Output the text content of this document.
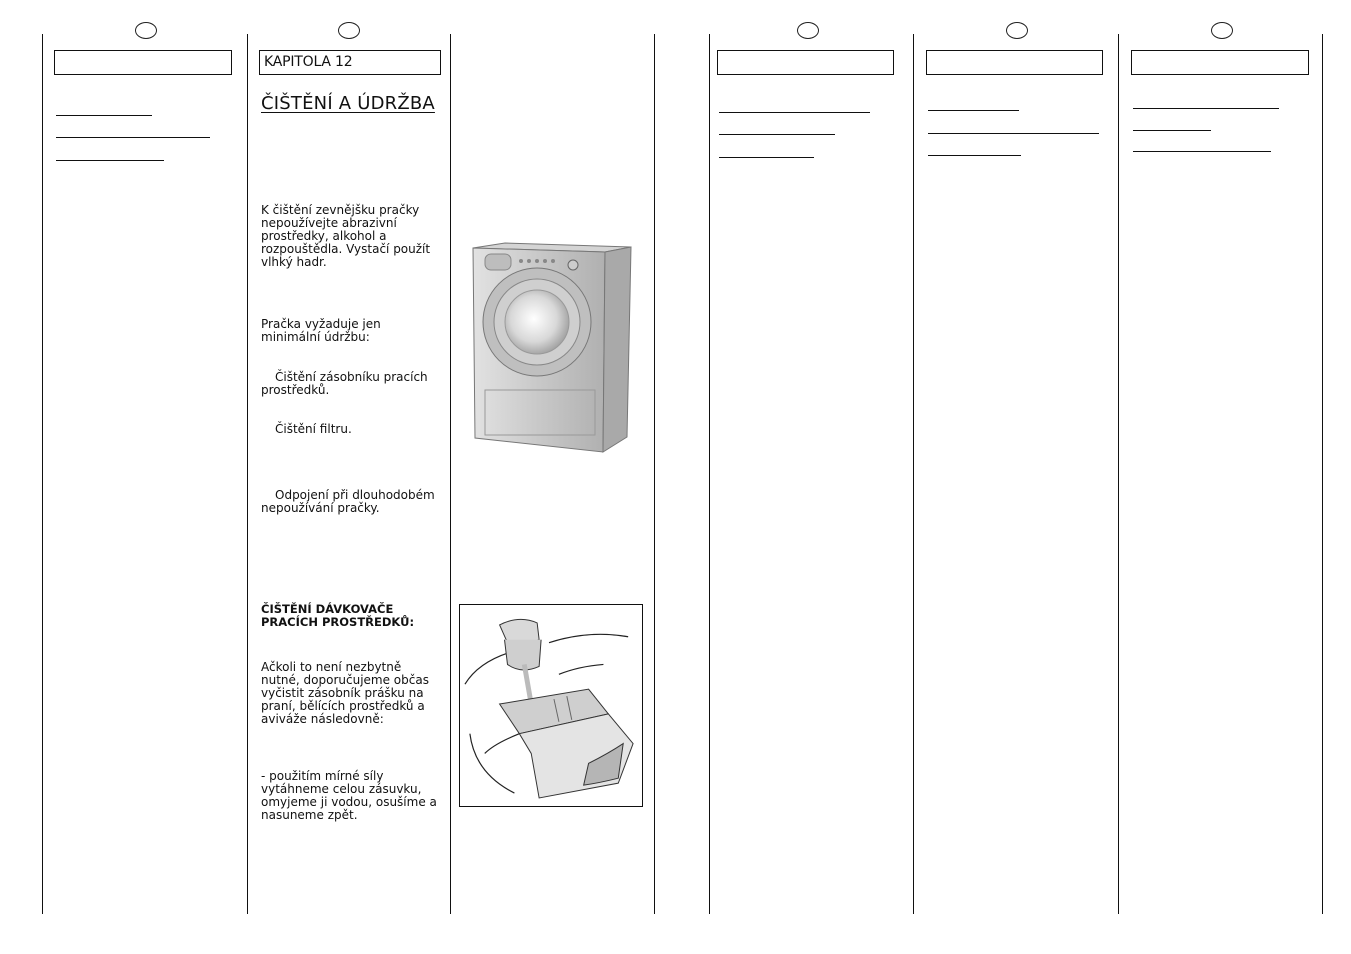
KAPITOLA 12
ČIŠTĚNÍ A ÚDRŽBA
K čištění zevnějšku pračky nepoužívejte abrazivní prostředky, alkohol a rozpouštědla. Vystačí použít vlhký hadr.
Pračka vyžaduje jen minimální údržbu:
Čištění zásobníku pracích prostředků.
Čištění filtru.
Odpojení při dlouhodobém nepoužívání pračky.
ČIŠTĚNÍ DÁVKOVAČE PRACÍCH PROSTŘEDKŮ:
Ačkoli to není nezbytně nutné, doporučujeme občas vyčistit zásobník prášku na praní, bělících prostředků a aviváže následovně:
- použitím mírné síly vytáhneme celou zásuvku, omyjeme ji vodou, osušíme a nasuneme zpět.
